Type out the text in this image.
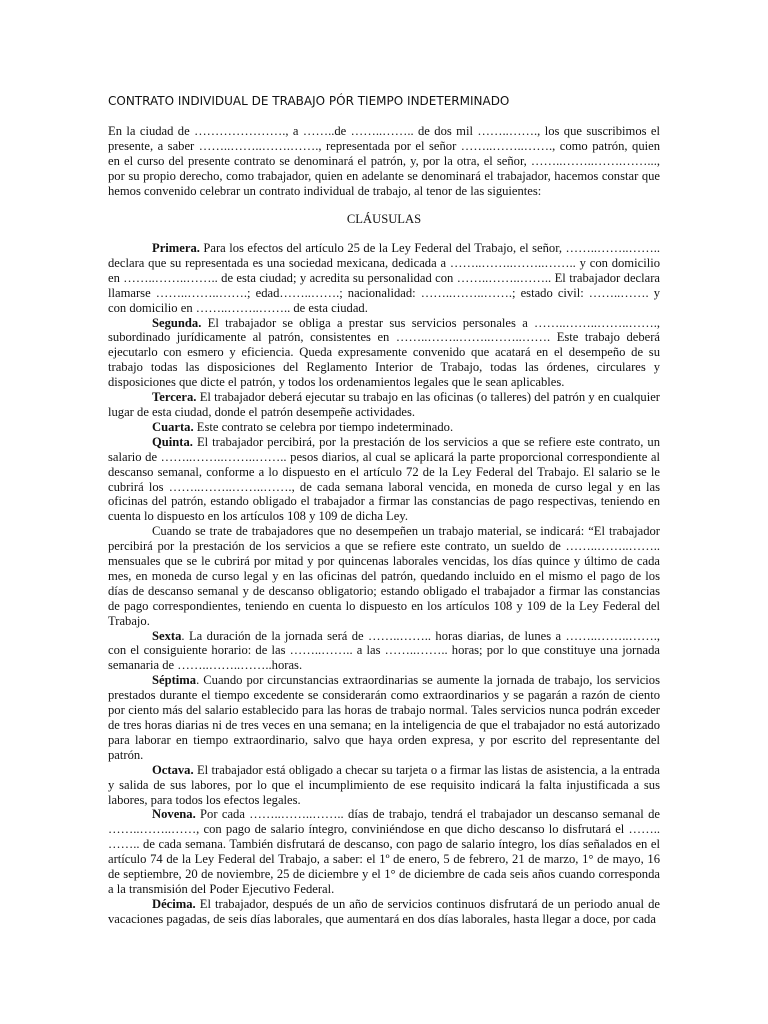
CONTRATO INDIVIDUAL DE TRABAJO PÓR TIEMPO INDETERMINADO

En la ciudad de …………………., a ……..de ……..…….. de dos mil ……..……., los que suscribimos el presente, a saber ……..……..…….……., representada por el señor ……..……..……., como patrón, quien en el curso del presente contrato se denominará el patrón, y, por la otra, el señor, ……..……..…….……..., por su propio derecho, como trabajador, quien en adelante se denominará el trabajador, hacemos constar que hemos convenido celebrar un contrato individual de trabajo, al tenor de las siguientes:

CLÁUSULAS

Primera. Para los efectos del artículo 25 de la Ley Federal del Trabajo, el señor, ……..……..…….. declara que su representada es una sociedad mexicana, dedicada a ……..……..……..…….. y con domicilio en ……..……..…….. de esta ciudad; y acredita su personalidad con ……..……..…….. El trabajador declara llamarse ……..……..…….; edad……..…….; nacionalidad: ……..……..…….; estado civil: ……..……. y con domicilio en ……..……..…….. de esta ciudad.

Segunda. El trabajador se obliga a prestar sus servicios personales a ……..……..……..……., subordinado jurídicamente al patrón, consistentes en ……..……..……..……..……. Este trabajo deberá ejecutarlo con esmero y eficiencia. Queda expresamente convenido que acatará en el desempeño de su trabajo todas las disposiciones del Reglamento Interior de Trabajo, todas las órdenes, circulares y disposiciones que dicte el patrón, y todos los ordenamientos legales que le sean aplicables.

Tercera. El trabajador deberá ejecutar su trabajo en las oficinas (o talleres) del patrón y en cualquier lugar de esta ciudad, donde el patrón desempeñe actividades.

Cuarta. Este contrato se celebra por tiempo indeterminado.

Quinta. El trabajador percibirá, por la prestación de los servicios a que se refiere este contrato, un salario de ……..……..……..…….. pesos diarios, al cual se aplicará la parte proporcional correspondiente al descanso semanal, conforme a lo dispuesto en el artículo 72 de la Ley Federal del Trabajo. El salario se le cubrirá los ……..……..……..……., de cada semana laboral vencida, en moneda de curso legal y en las oficinas del patrón, estando obligado el trabajador a firmar las constancias de pago respectivas, teniendo en cuenta lo dispuesto en los artículos 108 y 109 de dicha Ley.

Cuando se trate de trabajadores que no desempeñen un trabajo material, se indicará: “El trabajador percibirá por la prestación de los servicios a que se refiere este contrato, un sueldo de ……..……..…….. mensuales que se le cubrirá por mitad y por quincenas laborales vencidas, los días quince y último de cada mes, en moneda de curso legal y en las oficinas del patrón, quedando incluido en el mismo el pago de los días de descanso semanal y de descanso obligatorio; estando obligado el trabajador a firmar las constancias de pago correspondientes, teniendo en cuenta lo dispuesto en los artículos 108 y 109 de la Ley Federal del Trabajo.

Sexta. La duración de la jornada será de ……..…….. horas diarias, de lunes a ……..……..……., con el consiguiente horario: de las ……..…….. a las ……..…….. horas; por lo que constituye una jornada semanaria de ……..……..……..horas.

Séptima. Cuando por circunstancias extraordinarias se aumente la jornada de trabajo, los servicios prestados durante el tiempo excedente se considerarán como extraordinarios y se pagarán a razón de ciento por ciento más del salario establecido para las horas de trabajo normal. Tales servicios nunca podrán exceder de tres horas diarias ni de tres veces en una semana; en la inteligencia de que el trabajador no está autorizado para laborar en tiempo extraordinario, salvo que haya orden expresa, y por escrito del representante del patrón.

Octava. El trabajador está obligado a checar su tarjeta o a firmar las listas de asistencia, a la entrada y salida de sus labores, por lo que el incumplimiento de ese requisito indicará la falta injustificada a sus labores, para todos los efectos legales.

Novena. Por cada ……..……..…….. días de trabajo, tendrá el trabajador un descanso semanal de ……..……..……, con pago de salario íntegro, conviniéndose en que dicho descanso lo disfrutará el …….. …….. de cada semana. También disfrutará de descanso, con pago de salario íntegro, los días señalados en el artículo 74 de la Ley Federal del Trabajo, a saber: el 1º de enero, 5 de febrero, 21 de marzo, 1° de mayo, 16 de septiembre, 20 de noviembre, 25 de diciembre y el 1° de diciembre de cada seis años cuando corresponda a la transmisión del Poder Ejecutivo Federal.

Décima. El trabajador, después de un año de servicios continuos disfrutará de un periodo anual de vacaciones pagadas, de seis días laborales, que aumentará en dos días laborales, hasta llegar a doce, por cada
